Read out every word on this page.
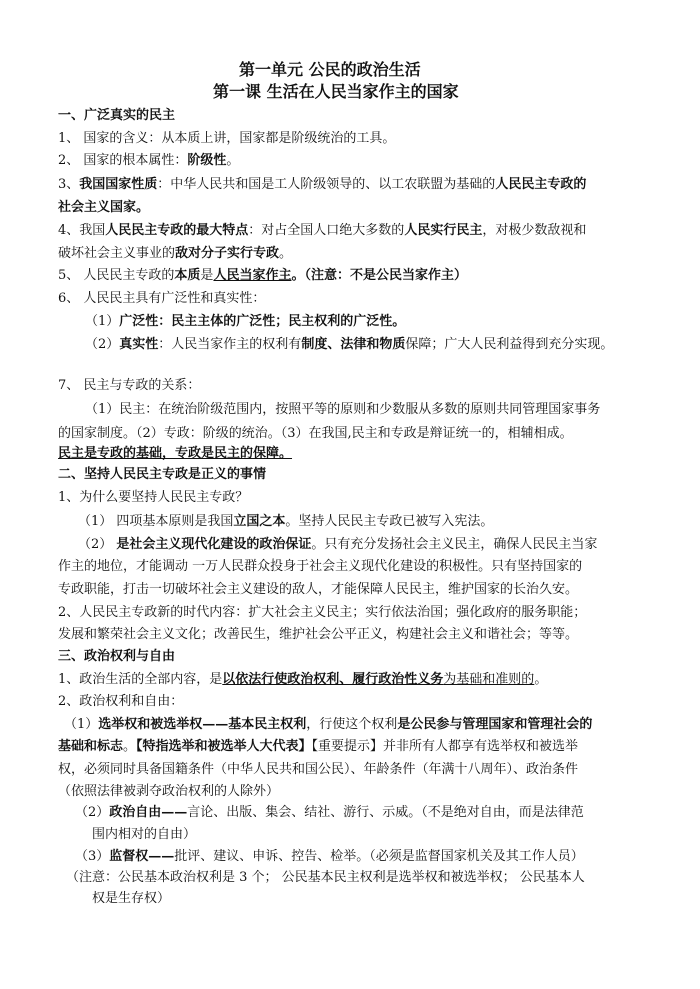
第一单元 公民的政治生活
第一课 生活在人民当家作主的国家
一、广泛真实的民主
1、 国家的含义：从本质上讲，国家都是阶级统治的工具。
2、 国家的根本属性：阶级性。
3、我国国家性质：中华人民共和国是工人阶级领导的、以工农联盟为基础的人民民主专政的
社会主义国家。
4、我国人民民主专政的最大特点：对占全国人口绝大多数的人民实行民主，对极少数敌视和
破坏社会主义事业的敌对分子实行专政。
5、 人民民主专政的本质是人民当家作主。（注意：不是公民当家作主）
6、 人民民主具有广泛性和真实性：
（1）广泛性：民主主体的广泛性；民主权利的广泛性。
（2）真实性：人民当家作主的权利有制度、法律和物质保障；广大人民利益得到充分实现。
7、 民主与专政的关系：
（1）民主：在统治阶级范围内，按照平等的原则和少数服从多数的原则共同管理国家事务
的国家制度。（2）专政：阶级的统治。（3）在我国,民主和专政是辩证统一的，相辅相成。
民主是专政的基础，专政是民主的保障。
二、坚持人民民主专政是正义的事情
1、为什么要坚持人民民主专政？
（1） 四项基本原则是我国立国之本。坚持人民民主专政已被写入宪法。
（2） 是社会主义现代化建设的政治保证。只有充分发扬社会主义民主，确保人民民主当家
作主的地位，才能调动 一万人民群众投身于社会主义现代化建设的积极性。只有坚持国家的
专政职能，打击一切破坏社会主义建设的敌人，才能保障人民民主，维护国家的长治久安。
2、人民民主专政新的时代内容：扩大社会主义民主；实行依法治国；强化政府的服务职能；
发展和繁荣社会主义文化；改善民生，维护社会公平正义，构建社会主义和谐社会；等等。
三、政治权利与自由
1、政治生活的全部内容，是以依法行使政治权利、履行政治性义务为基础和准则的。
2、政治权利和自由：
（1）选举权和被选举权——基本民主权利，行使这个权利是公民参与管理国家和管理社会的
基础和标志。【特指选举和被选举人大代表】【重要提示】并非所有人都享有选举权和被选举
权，必须同时具备国籍条件（中华人民共和国公民）、年龄条件（年满十八周年）、政治条件
（依照法律被剥夺政治权利的人除外）
（2）政治自由——言论、出版、集会、结社、游行、示威。（不是绝对自由，而是法律范
围内相对的自由）
（3）监督权——批评、建议、申诉、控告、检举。（必须是监督国家机关及其工作人员）
（注意：公民基本政治权利是 3 个； 公民基本民主权利是选举权和被选举权； 公民基本人
权是生存权）
